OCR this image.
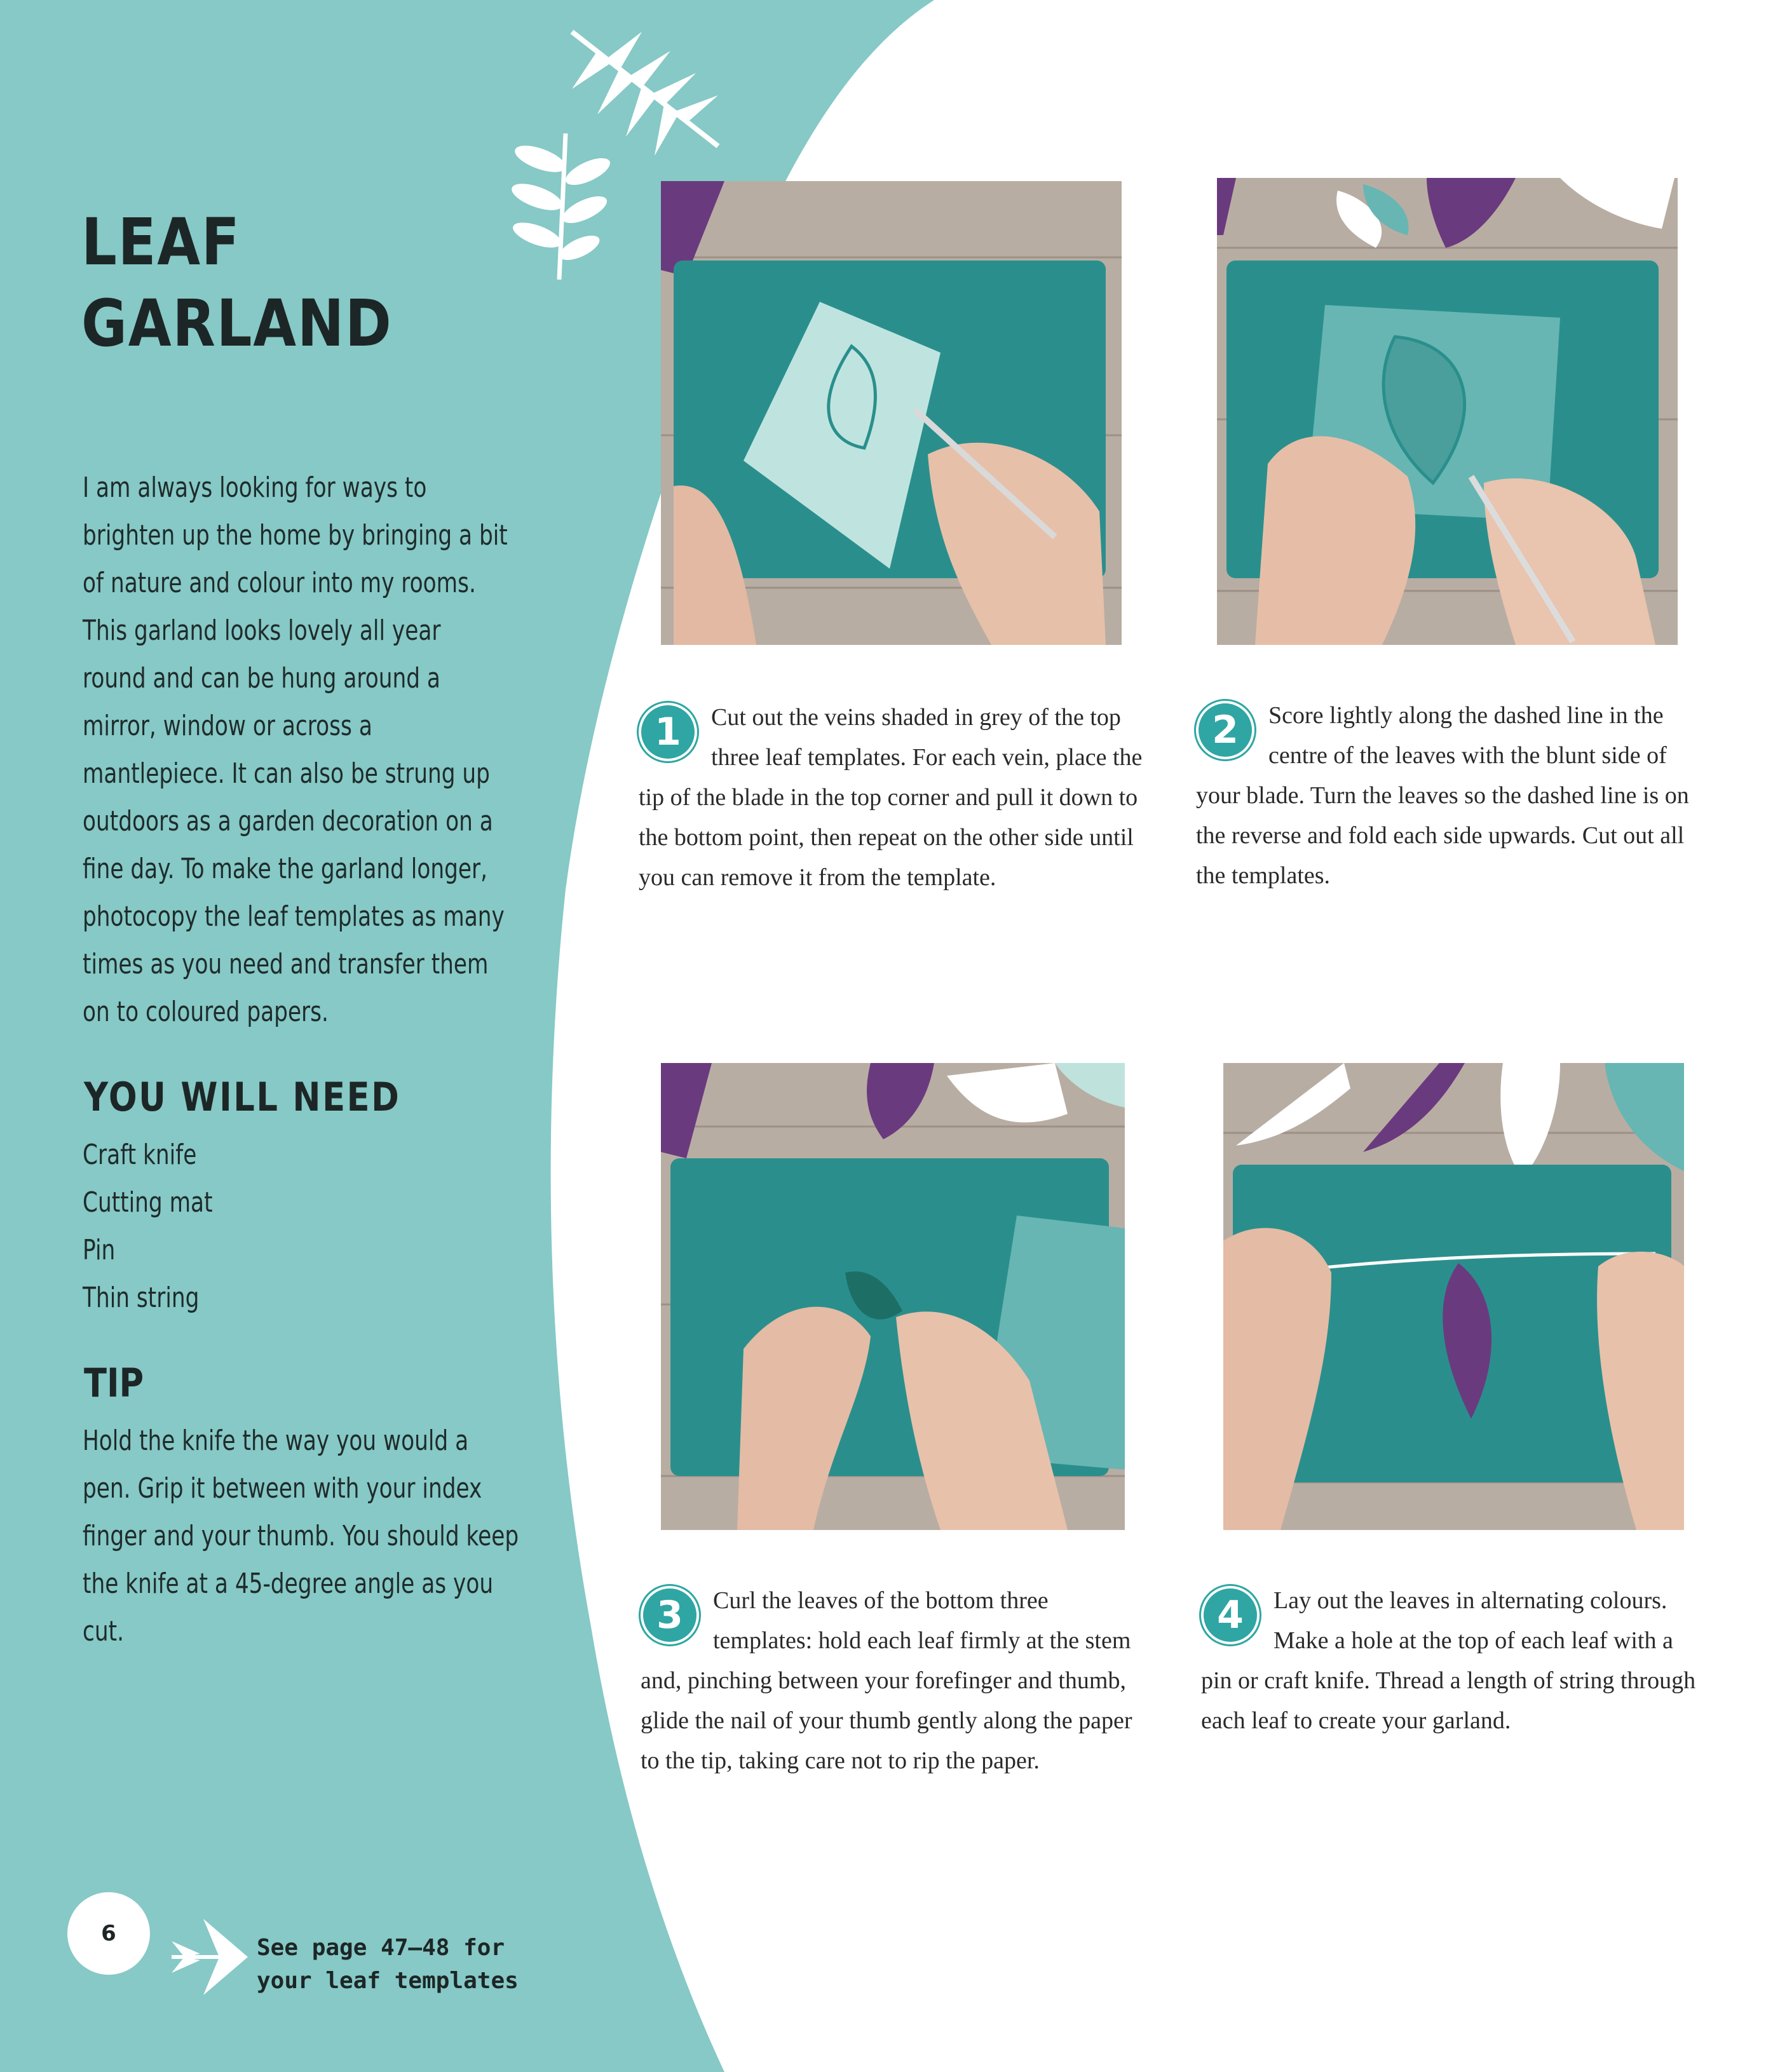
LEAF
GARLAND

I am always looking for ways to brighten up the home by bringing a bit of nature and colour into my rooms. This garland looks lovely all year round and can be hung around a mirror, window or across a mantlepiece. It can also be strung up outdoors as a garden decoration on a fine day. To make the garland longer, photocopy the leaf templates as many times as you need and transfer them on to coloured papers.

YOU WILL NEED
Craft knife
Cutting mat
Pin
Thin string
TIP

Hold the knife the way you would a pen. Grip it between with your index finger and your thumb. You should keep the knife at a 45-degree angle as you cut.

1	Cut out the veins shaded in grey of the top three leaf templates. For each vein, place the tip of the blade in the top corner and pull it down to the bottom point, then repeat on the other side until you can remove it from the template.

2	Score lightly along the dashed line in the centre of the leaves with the blunt side of your blade. Turn the leaves so the dashed line is on the reverse and fold each side upwards. Cut out all the templates.

3	Curl the leaves of the bottom three templates: hold each leaf firmly at the stem and, pinching between your forefinger and thumb, glide the nail of your thumb gently along the paper to the tip, taking care not to rip the paper.

4	Lay out the leaves in alternating colours. Make a hole at the top of each leaf with a pin or craft knife. Thread a length of string through each leaf to create your garland.

6

See page 47–48 for your leaf templates
